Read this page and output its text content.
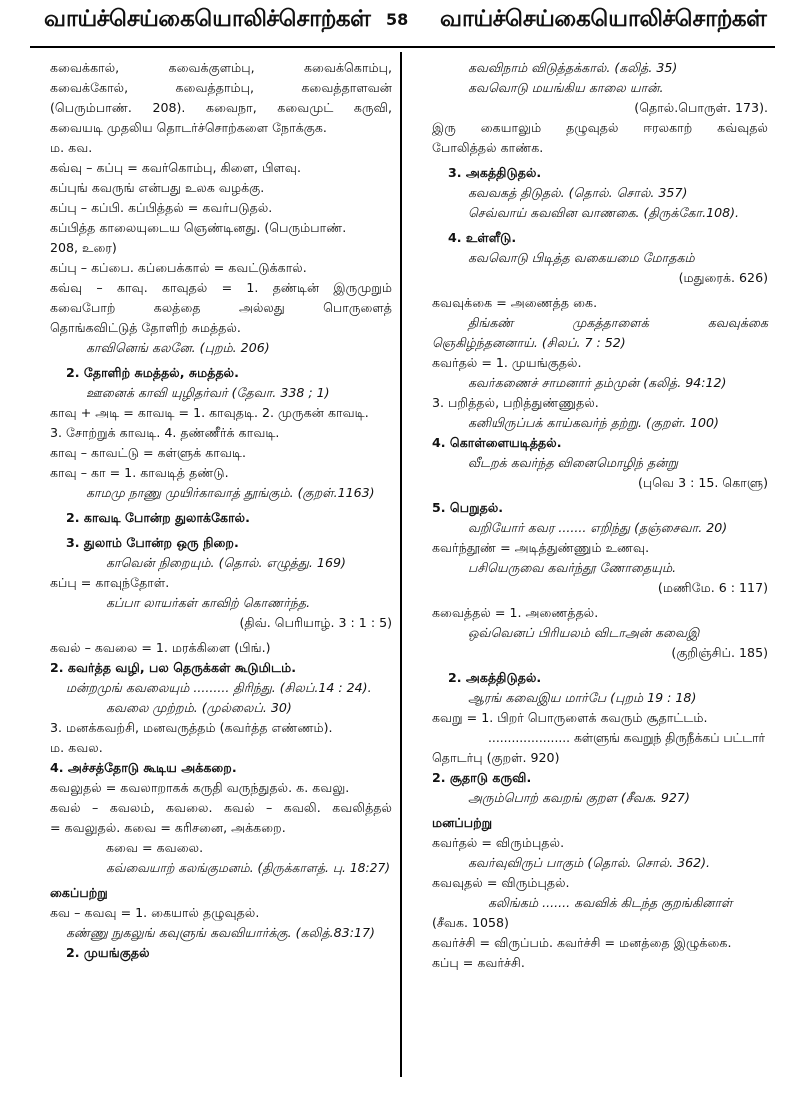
வாய்ச்செய்கையொலிச்சொற்கள் 58 வாய்ச்செய்கையொலிச்சொற்கள்
கவைக்கால், கவைக்குளம்பு, கவைக்கொம்பு,
கவைக்கோல், கவைத்தாம்பு, கவைத்தாளவன்
(பெரும்பாண். 208). கவைநா, கவைமுட் கருவி,
கவையடி முதலிய தொடர்ச்சொற்களை நோக்குக.
ம. கவ.
கவ்வு – கப்பு = கவர்கொம்பு, கிளை, பிளவு.
கப்புங் கவருங் என்பது உலக வழக்கு.
கப்பு – கப்பி. கப்பித்தல் = கவர்படுதல்.
கப்பித்த காலையுடைய ஞெண்டினது. (பெரும்பாண்.
208, உரை)
கப்பு – கப்பை. கப்பைக்கால் = கவட்டுக்கால்.
கவ்வு – காவு. காவுதல் = 1. தண்டின் இருமுறும்
கவைபோற் கலத்தை அல்லது பொருளைத்
தொங்கவிட்டுத் தோளிற் சுமத்தல்.
காவினெங் கலனே. (புறம். 206)
2. தோளிற் சுமத்தல், சுமத்தல்.
ஊனைக் காவி யுழிதர்வர் (தேவா. 338 ; 1)
காவு + அடி = காவடி = 1. காவுதடி. 2. முருகன் காவடி.
3. சோற்றுக் காவடி. 4. தண்ணீர்க் காவடி.
காவு – காவட்டு = கள்ளுக் காவடி.
காவு – கா = 1. காவடித் தண்டு.
காமமு நாணு முயிர்காவாத் தூங்கும். (குறள்.1163)
2. காவடி போன்ற துலாக்கோல்.
3. துலாம் போன்ற ஒரு நிறை.
காவென் நிறையும். (தொல். எழுத்து. 169)
கப்பு = காவுந்தோள்.
கப்பா லாயர்கள் காவிற் கொணர்ந்த.
(திவ். பெரியாழ். 3 : 1 : 5)
கவல் – கவலை = 1. மரக்கிளை (பிங்.)
2. கவர்த்த வழி, பல தெருக்கள் கூடுமிடம்.
மன்றமுங் கவலையும் ......... திரிந்து. (சிலப்.14 : 24).
கவலை முற்றம். (முல்லைப். 30)
3. மனக்கவற்சி, மனவருத்தம் (கவர்த்த எண்ணம்).
ம. கவல.
4. அச்சத்தோடு கூடிய அக்கறை.
கவலுதல் = கவலாறாகக் கருதி வருந்துதல். க. கவலு.
கவல் – கவலம், கவலை. கவல் – கவலி. கவலித்தல்
= கவலுதல். கவை = கரிசனை, அக்கறை.
கவை = கவலை.
கவ்வையாற் கலங்குமனம். (திருக்காளத். பு. 18:27)
கைப்பற்று
கவ – கவவு = 1. கையால் தழுவுதல்.
கண்ணு நுகலுங் கவுளுங் கவவியார்க்கு. (கலித்.83:17)
2. முயங்குதல்
கவவிநாம் விடுத்தக்கால். (கலித். 35)
கவவொடு மயங்கிய காலை யான்.
(தொல்.பொருள். 173).
இரு கையாலும் தழுவுதல் ஈரலகாற் கவ்வுதல்
போலித்தல் காண்க.
3. அகத்திடுதல்.
கவவகத் திடுதல். (தொல். சொல். 357)
செவ்வாய் கவவின வாணகை. (திருக்கோ.108).
4. உள்ளீடு.
கவவொடு பிடித்த வகையமை மோதகம்
(மதுரைக். 626)
கவவுக்கை = அணைத்த கை.
திங்கண் முகத்தாளைக் கவவுக்கை
ஞெகிழ்ந்தனனாய். (சிலப். 7 : 52)
கவர்தல் = 1. முயங்குதல்.
கவர்கணைச் சாமனார் தம்முன் (கலித். 94:12)
3. பறித்தல், பறித்துண்ணுதல்.
கனியிருப்பக் காய்கவர்ந் தற்று. (குறள். 100)
4. கொள்ளையடித்தல்.
வீடறக் கவர்ந்த வினைமொழிந் தன்று
(புவெ 3 : 15. கொளு)
5. பெறுதல்.
வறியோர் கவர ....... எறிந்து (தஞ்சைவா. 20)
கவர்ந்தூண் = அடித்துண்ணும் உணவு.
பசியெருவை கவர்ந்தூ ணோதையும்.
(மணிமே. 6 : 117)
கவைத்தல் = 1. அணைத்தல்.
ஒவ்வெனப் பிரியலம் விடாஅன் கவைஇ
(குறிஞ்சிப். 185)
2. அகத்திடுதல்.
ஆரங் கவைஇய மார்பே (புறம் 19 : 18)
கவறு = 1. பிறர் பொருளைக் கவரும் சூதாட்டம்.
..................... கள்ளுங் கவறுந் திருநீக்கப் பட்டார்
தொடர்பு (குறள். 920)
2. சூதாடு கருவி.
அரும்பொற் கவறங் குறள (சீவக. 927)
மனப்பற்று
கவர்தல் = விரும்புதல்.
கவர்வுவிருப் பாகும் (தொல். சொல். 362).
கவவுதல் = விரும்புதல்.
கலிங்கம் ....... கவவிக் கிடந்த குறங்கினாள்
(சீவக. 1058)
கவர்ச்சி = விருப்பம். கவர்ச்சி = மனத்தை இழுக்கை.
கப்பு = கவர்ச்சி.
